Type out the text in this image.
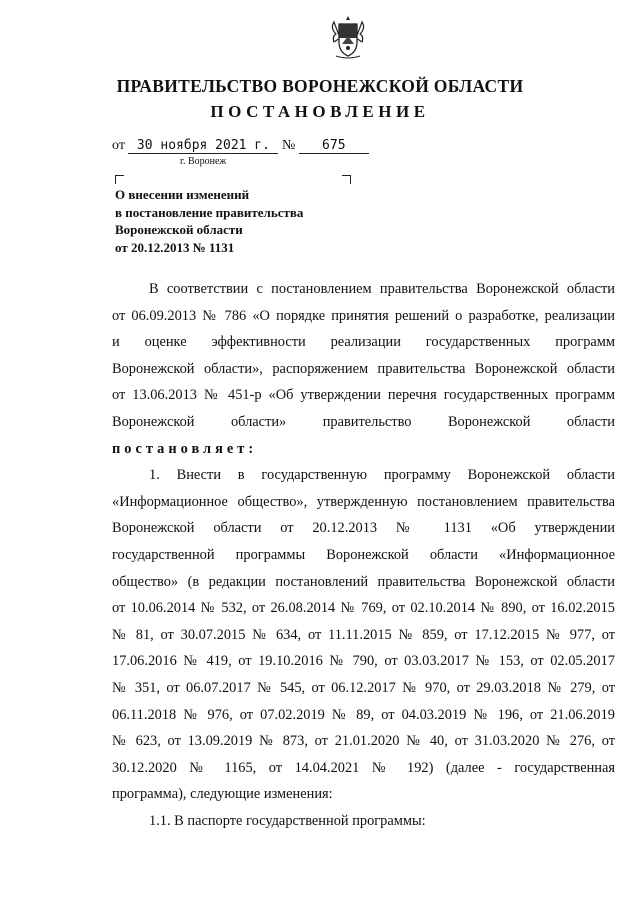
ПРАВИТЕЛЬСТВО ВОРОНЕЖСКОЙ ОБЛАСТИ
ПОСТАНОВЛЕНИЕ
от 30 ноября 2021 г. № 675
г. Воронеж
О внесении изменений
в постановление правительства
Воронежской области
от 20.12.2013 № 1131
В соответствии с постановлением правительства Воронежской области
от 06.09.2013 № 786 «О порядке принятия решений о разработке, реализации
и оценке эффективности реализации государственных программ
Воронежской области», распоряжением правительства Воронежской области
от 13.06.2013 № 451-р «Об утверждении перечня государственных программ
Воронежской области» правительство Воронежской области
постановляет:
1. Внести в государственную программу Воронежской области
«Информационное общество», утвержденную постановлением правительства
Воронежской области от 20.12.2013 № 1131 «Об утверждении
государственной программы Воронежской области «Информационное
общество» (в редакции постановлений правительства Воронежской области
от 10.06.2014 № 532, от 26.08.2014 № 769, от 02.10.2014 № 890, от 16.02.2015
№ 81, от 30.07.2015 № 634, от 11.11.2015 № 859, от 17.12.2015 № 977, от
17.06.2016 № 419, от 19.10.2016 № 790, от 03.03.2017 № 153, от 02.05.2017
№ 351, от 06.07.2017 № 545, от 06.12.2017 № 970, от 29.03.2018 № 279, от
06.11.2018 № 976, от 07.02.2019 № 89, от 04.03.2019 № 196, от 21.06.2019
№ 623, от 13.09.2019 № 873, от 21.01.2020 № 40, от 31.03.2020 № 276, от
30.12.2020 № 1165, от 14.04.2021 № 192) (далее - государственная
программа), следующие изменения:
1.1. В паспорте государственной программы:
